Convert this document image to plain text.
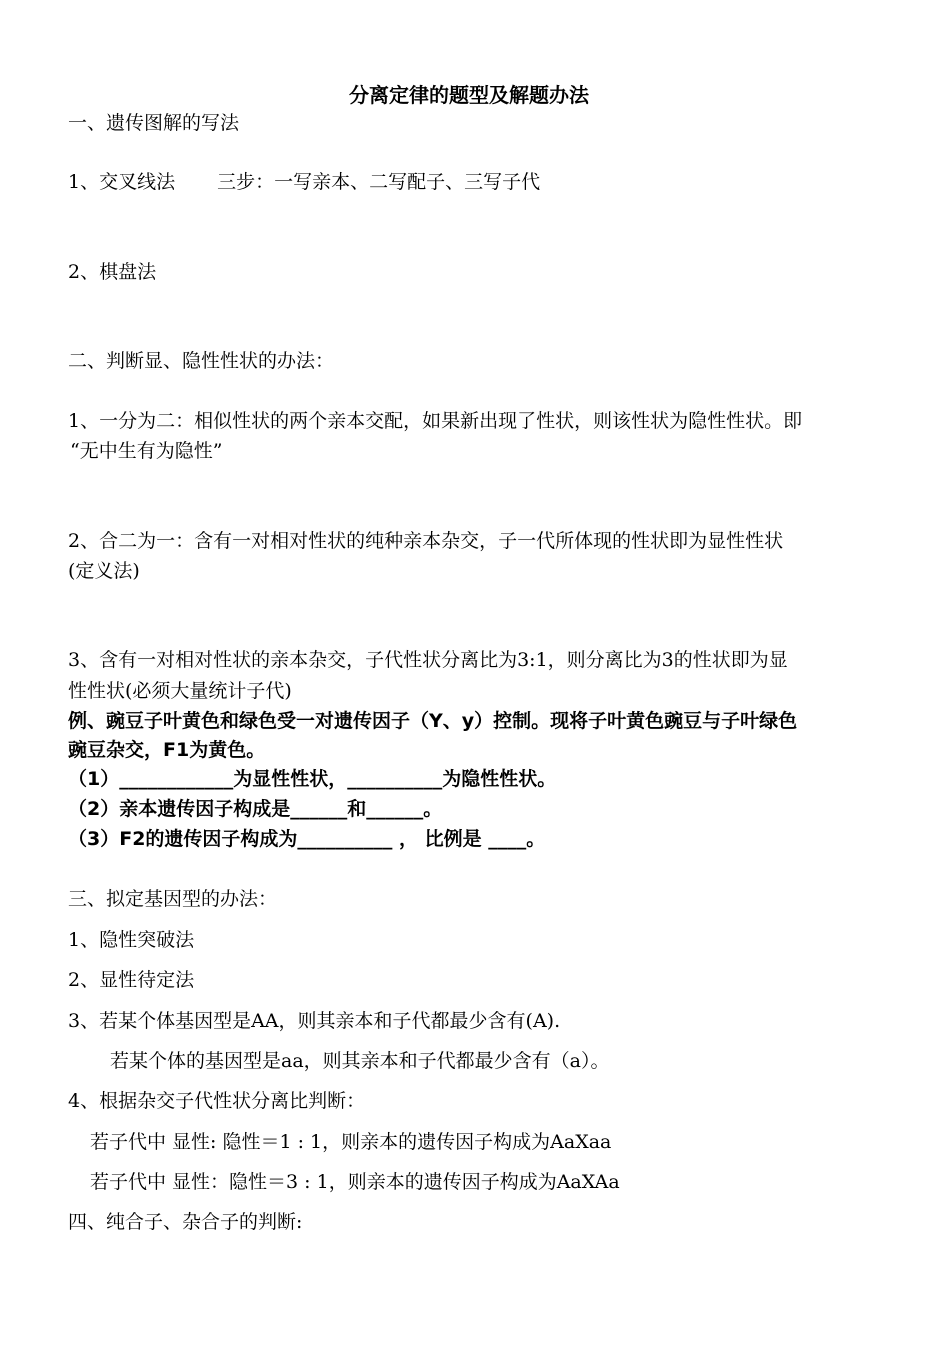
分离定律的题型及解题办法
一、遗传图解的写法
1、交叉线法 三步：一写亲本、二写配子、三写子代
2、棋盘法
二、判断显、隐性性状的办法：
1、一分为二：相似性状的两个亲本交配，如果新出现了性状，则该性状为隐性性状。即
“无中生有为隐性”
2、合二为一：含有一对相对性状的纯种亲本杂交，子一代所体现的性状即为显性性状
(定义法)
3、含有一对相对性状的亲本杂交，子代性状分离比为3:1，则分离比为3的性状即为显
性性状(必须大量统计子代)
例、豌豆子叶黄色和绿色受一对遗传因子（Y、y）控制。现将子叶黄色豌豆与子叶绿色
豌豆杂交，F1为黄色。
（1）____________为显性性状，__________为隐性性状。
（2）亲本遗传因子构成是______和______。
（3）F2的遗传因子构成为__________ ， 比例是 ____。
三、拟定基因型的办法：
1、隐性突破法
2、显性待定法
3、若某个体基因型是AA，则其亲本和子代都最少含有(A).
若某个体的基因型是aa，则其亲本和子代都最少含有（a）。
4、根据杂交子代性状分离比判断：
若子代中 显性: 隐性＝1 : 1，则亲本的遗传因子构成为AaXaa
若子代中 显性：隐性＝3 : 1，则亲本的遗传因子构成为AaXAa
四、纯合子、杂合子的判断:
